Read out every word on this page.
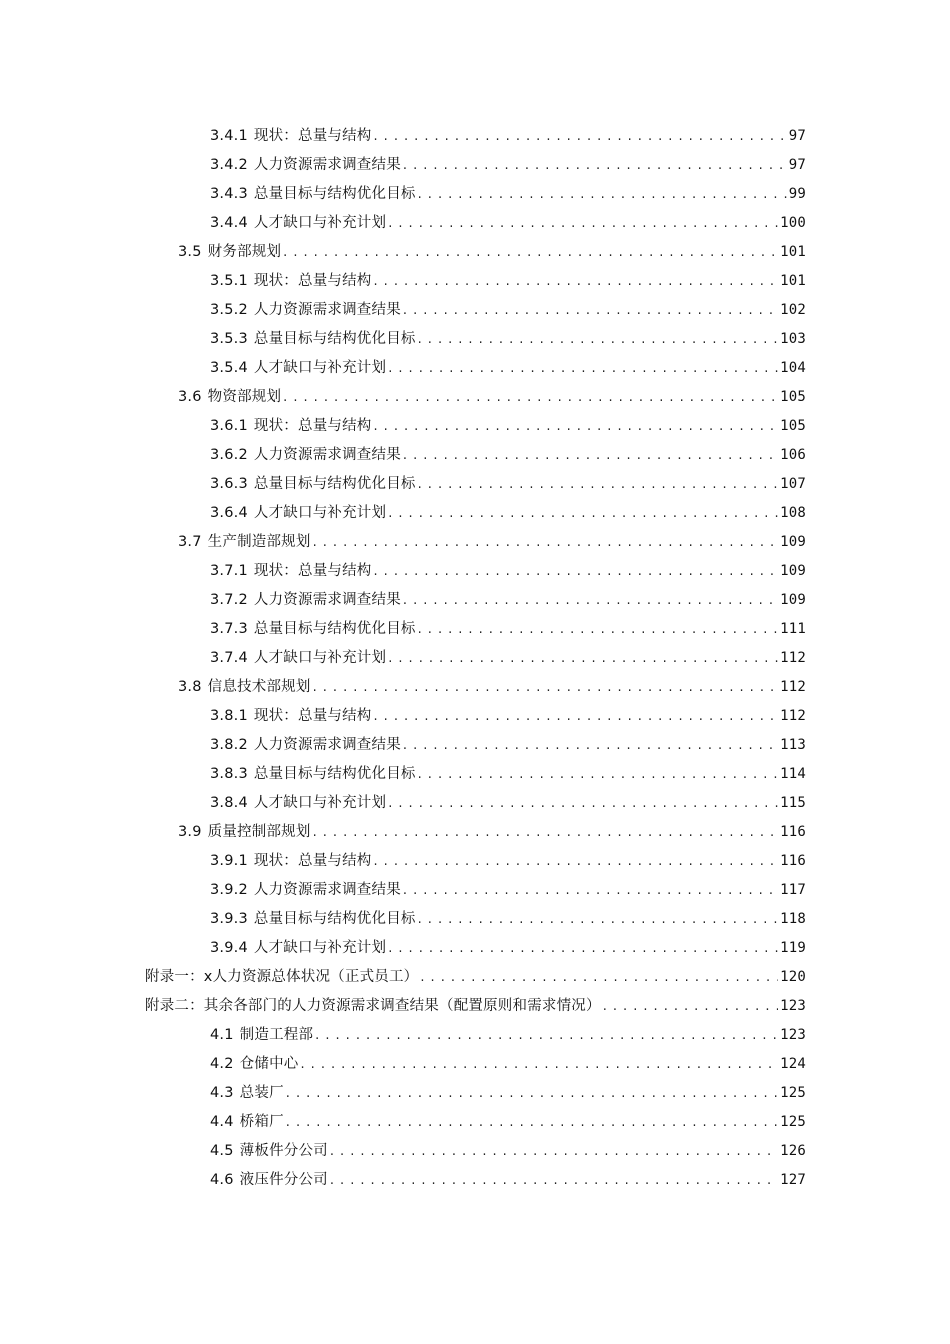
3.4.1 现状：总量与结构 . . .	97
3.4.2 人力资源需求调查结果 . . .	97
3.4.3 总量目标与结构优化目标 . . .	99
3.4.4 人才缺口与补充计划 . . .	100
3.5 财务部规划 . . .	101
3.5.1 现状：总量与结构 . . .	101
3.5.2 人力资源需求调查结果 . . .	102
3.5.3 总量目标与结构优化目标 . . .	103
3.5.4 人才缺口与补充计划 . . .	104
3.6 物资部规划 . . .	105
3.6.1 现状：总量与结构 . . .	105
3.6.2 人力资源需求调查结果 . . .	106
3.6.3 总量目标与结构优化目标 . . .	107
3.6.4 人才缺口与补充计划 . . .	108
3.7 生产制造部规划 . . .	109
3.7.1 现状：总量与结构 . . .	109
3.7.2 人力资源需求调查结果 . . .	109
3.7.3 总量目标与结构优化目标 . . .	111
3.7.4 人才缺口与补充计划 . . .	112
3.8 信息技术部规划 . . .	112
3.8.1 现状：总量与结构 . . .	112
3.8.2 人力资源需求调查结果 . . .	113
3.8.3 总量目标与结构优化目标 . . .	114
3.8.4 人才缺口与补充计划 . . .	115
3.9 质量控制部规划 . . .	116
3.9.1 现状：总量与结构 . . .	116
3.9.2 人力资源需求调查结果 . . .	117
3.9.3 总量目标与结构优化目标 . . .	118
3.9.4 人才缺口与补充计划 . . .	119
附录一：x人力资源总体状况（正式员工） . . .	120
附录二：其余各部门的人力资源需求调查结果（配置原则和需求情况） . . .	123
4.1 制造工程部 . . .	123
4.2 仓储中心 . . .	124
4.3 总装厂 . . .	125
4.4 桥箱厂 . . .	125
4.5 薄板件分公司 . . .	126
4.6 液压件分公司 . . .	127
